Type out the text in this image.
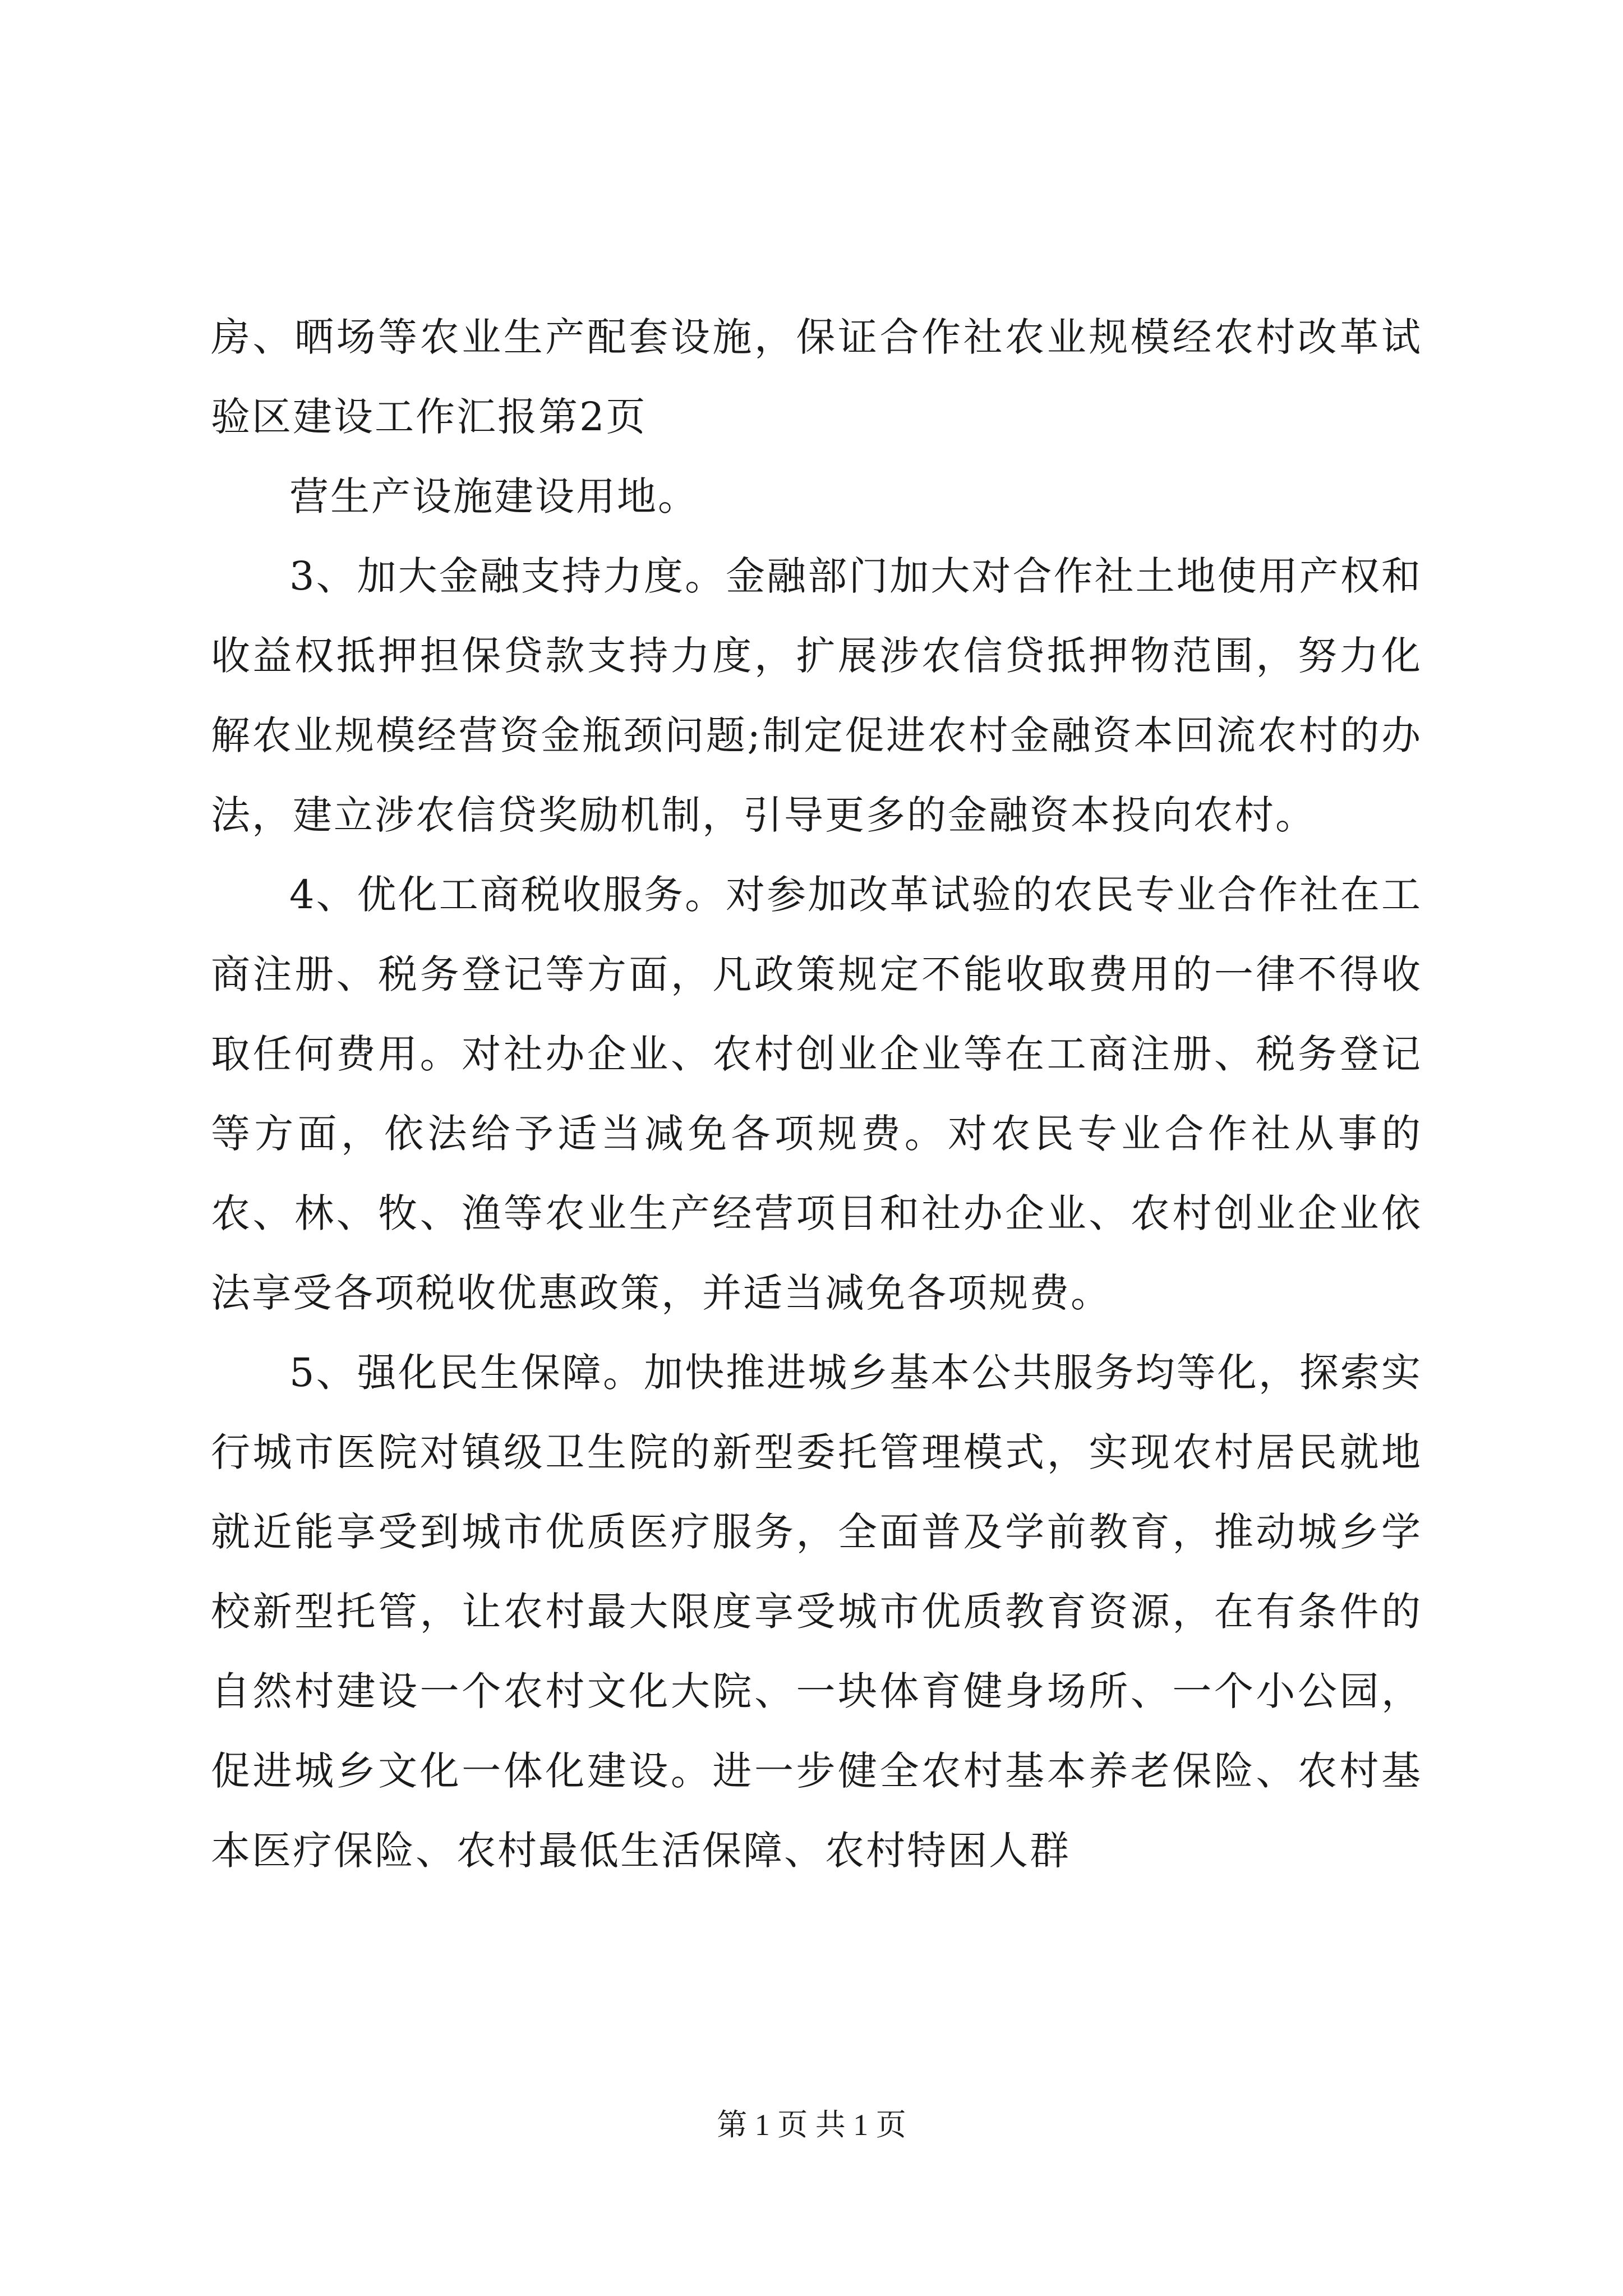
房、晒场等农业生产配套设施，保证合作社农业规模经农村改革试验区建设工作汇报第2页

营生产设施建设用地。

3、加大金融支持力度。金融部门加大对合作社土地使用产权和收益权抵押担保贷款支持力度，扩展涉农信贷抵押物范围，努力化解农业规模经营资金瓶颈问题;制定促进农村金融资本回流农村的办法，建立涉农信贷奖励机制，引导更多的金融资本投向农村。

4、优化工商税收服务。对参加改革试验的农民专业合作社在工商注册、税务登记等方面，凡政策规定不能收取费用的一律不得收取任何费用。对社办企业、农村创业企业等在工商注册、税务登记等方面，依法给予适当减免各项规费。对农民专业合作社从事的农、林、牧、渔等农业生产经营项目和社办企业、农村创业企业依法享受各项税收优惠政策，并适当减免各项规费。

5、强化民生保障。加快推进城乡基本公共服务均等化，探索实行城市医院对镇级卫生院的新型委托管理模式，实现农村居民就地就近能享受到城市优质医疗服务，全面普及学前教育，推动城乡学校新型托管，让农村最大限度享受城市优质教育资源，在有条件的自然村建设一个农村文化大院、一块体育健身场所、一个小公园，促进城乡文化一体化建设。进一步健全农村基本养老保险、农村基本医疗保险、农村最低生活保障、农村特困人群

第 1 页 共 1 页
